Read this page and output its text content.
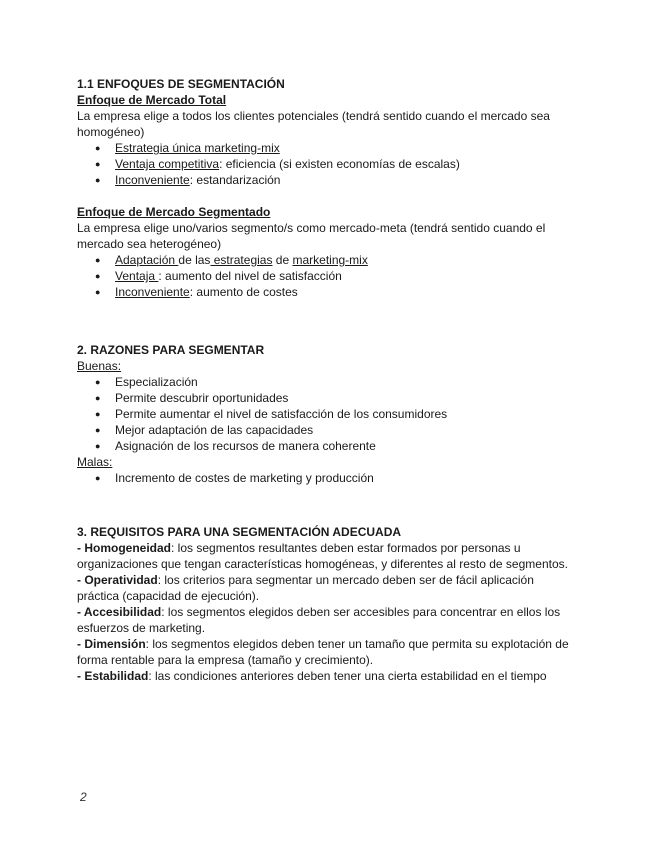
1.1 ENFOQUES DE SEGMENTACIÓN
Enfoque de Mercado Total

La empresa elige a todos los clientes potenciales (tendrá sentido cuando el mercado sea homogéneo)

● Estrategia única marketing-mix
● Ventaja competitiva: eficiencia (si existen economías de escalas)
● Inconveniente: estandarización
Enfoque de Mercado Segmentado

La empresa elige uno/varios segmento/s como mercado-meta (tendrá sentido cuando el mercado sea heterogéneo)

● Adaptación de las estrategias de marketing-mix
● Ventaja : aumento del nivel de satisfacción
● Inconveniente: aumento de costes
2. RAZONES PARA SEGMENTAR
Buenas:
● Especialización
● Permite descubrir oportunidades
● Permite aumentar el nivel de satisfacción de los consumidores
● Mejor adaptación de las capacidades
● Asignación de los recursos de manera coherente
Malas:
● Incremento de costes de marketing y producción
3. REQUISITOS PARA UNA SEGMENTACIÓN ADECUADA

- Homogeneidad: los segmentos resultantes deben estar formados por personas u organizaciones que tengan características homogéneas, y diferentes al resto de segmentos.

- Operatividad: los criterios para segmentar un mercado deben ser de fácil aplicación práctica (capacidad de ejecución).

- Accesibilidad: los segmentos elegidos deben ser accesibles para concentrar en ellos los esfuerzos de marketing.

- Dimensión: los segmentos elegidos deben tener un tamaño que permita su explotación de forma rentable para la empresa (tamaño y crecimiento).

- Estabilidad: las condiciones anteriores deben tener una cierta estabilidad en el tiempo

2
